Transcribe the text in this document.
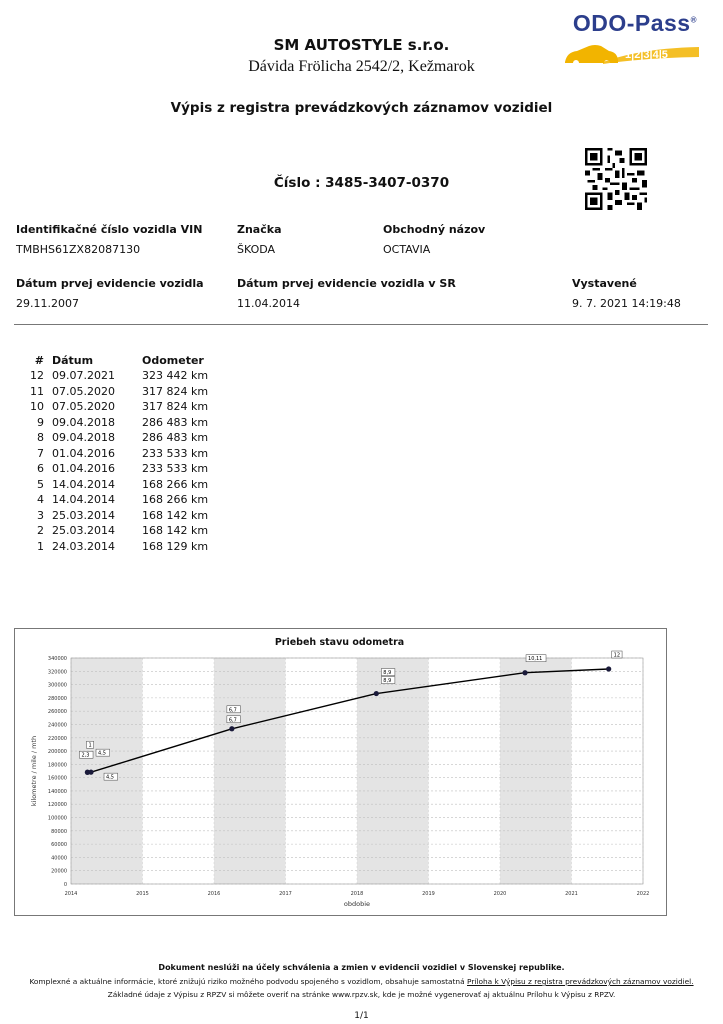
SM AUTOSTYLE s.r.o.
Dávida Frölicha 2542/2, Kežmarok
ODO-Pass®
1|2|3|4|5
Výpis z registra prevádzkových záznamov vozidiel
Číslo : 3485-3407-0370
Identifikačné číslo vozidla VIN
TMBHS61ZX82087130
Značka
ŠKODA
Obchodný názov
OCTAVIA
Dátum prvej evidencie vozidla
29.11.2007
Dátum prvej evidencie vozidla v SR
11.04.2014
Vystavené
9. 7. 2021 14:19:48
#	Dátum	Odometer
12	09.07.2021	323 442 km
11	07.05.2020	317 824 km
10	07.05.2020	317 824 km
9	09.04.2018	286 483 km
8	09.04.2018	286 483 km
7	01.04.2016	233 533 km
6	01.04.2016	233 533 km
5	14.04.2014	168 266 km
4	14.04.2014	168 266 km
3	25.03.2014	168 142 km
2	25.03.2014	168 142 km
1	24.03.2014	168 129 km
Priebeh stavu odometra
0
20000
40000
60000
80000
100000
120000
140000
160000
180000
200000
220000
240000
260000
280000
300000
320000
340000
2014	2015	2016	2017	2018	2019	2020	2021	2022
obdobie
kilometre / mile / mth	1
2,3 4,5
6,7
8,9
10,11
12
4,5
8,9
6,7
Dokument neslúži na účely schválenia a zmien v evidencii vozidiel v Slovenskej republike.
Komplexné a aktuálne informácie, ktoré znižujú riziko možného podvodu spojeného s vozidlom, obsahuje samostatná Príloha k Výpisu z registra prevádzkových záznamov vozidiel.
Základné údaje z Výpisu z RPZV si môžete overiť na stránke www.rpzv.sk, kde je možné vygenerovať aj aktuálnu Prílohu k Výpisu z RPZV.
1/1
